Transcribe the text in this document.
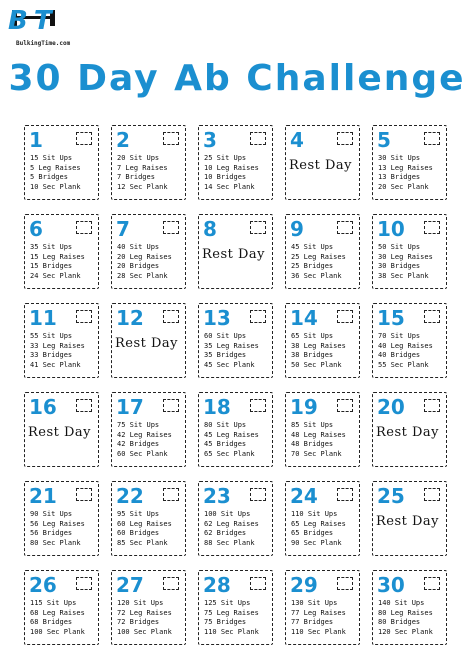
BT
BulkingTime.com
30 Day Ab Challenge
1
15 Sit Ups
5 Leg Raises
5 Bridges
10 Sec Plank
2
20 Sit Ups
7 Leg Raises
7 Bridges
12 Sec Plank
3
25 Sit Ups
10 Leg Raises
10 Bridges
14 Sec Plank
4
Rest Day
5
30 Sit Ups
13 Leg Raises
13 Bridges
20 Sec Plank
6
35 Sit Ups
15 Leg Raises
15 Bridges
24 Sec Plank
7
40 Sit Ups
20 Leg Raises
20 Bridges
28 Sec Plank
8
Rest Day
9
45 Sit Ups
25 Leg Raises
25 Bridges
36 Sec Plank
10
50 Sit Ups
30 Leg Raises
30 Bridges
38 Sec Plank
11
55 Sit Ups
33 Leg Raises
33 Bridges
41 Sec Plank
12
Rest Day
13
60 Sit Ups
35 Leg Raises
35 Bridges
45 Sec Plank
14
65 Sit Ups
38 Leg Raises
38 Bridges
50 Sec Plank
15
70 Sit Ups
40 Leg Raises
40 Bridges
55 Sec Plank
16
Rest Day
17
75 Sit Ups
42 Leg Raises
42 Bridges
60 Sec Plank
18
80 Sit Ups
45 Leg Raises
45 Bridges
65 Sec Plank
19
85 Sit Ups
48 Leg Raises
48 Bridges
70 Sec Plank
20
Rest Day
21
90 Sit Ups
56 Leg Raises
56 Bridges
80 Sec Plank
22
95 Sit Ups
60 Leg Raises
60 Bridges
85 Sec Plank
23
100 Sit Ups
62 Leg Raises
62 Bridges
88 Sec Plank
24
110 Sit Ups
65 Leg Raises
65 Bridges
90 Sec Plank
25
Rest Day
26
115 Sit Ups
68 Leg Raises
68 Bridges
100 Sec Plank
27
120 Sit Ups
72 Leg Raises
72 Bridges
100 Sec Plank
28
125 Sit Ups
75 Leg Raises
75 Bridges
110 Sec Plank
29
130 Sit Ups
77 Leg Raises
77 Bridges
110 Sec Plank
30
140 Sit Ups
80 Leg Raises
80 Bridges
120 Sec Plank
